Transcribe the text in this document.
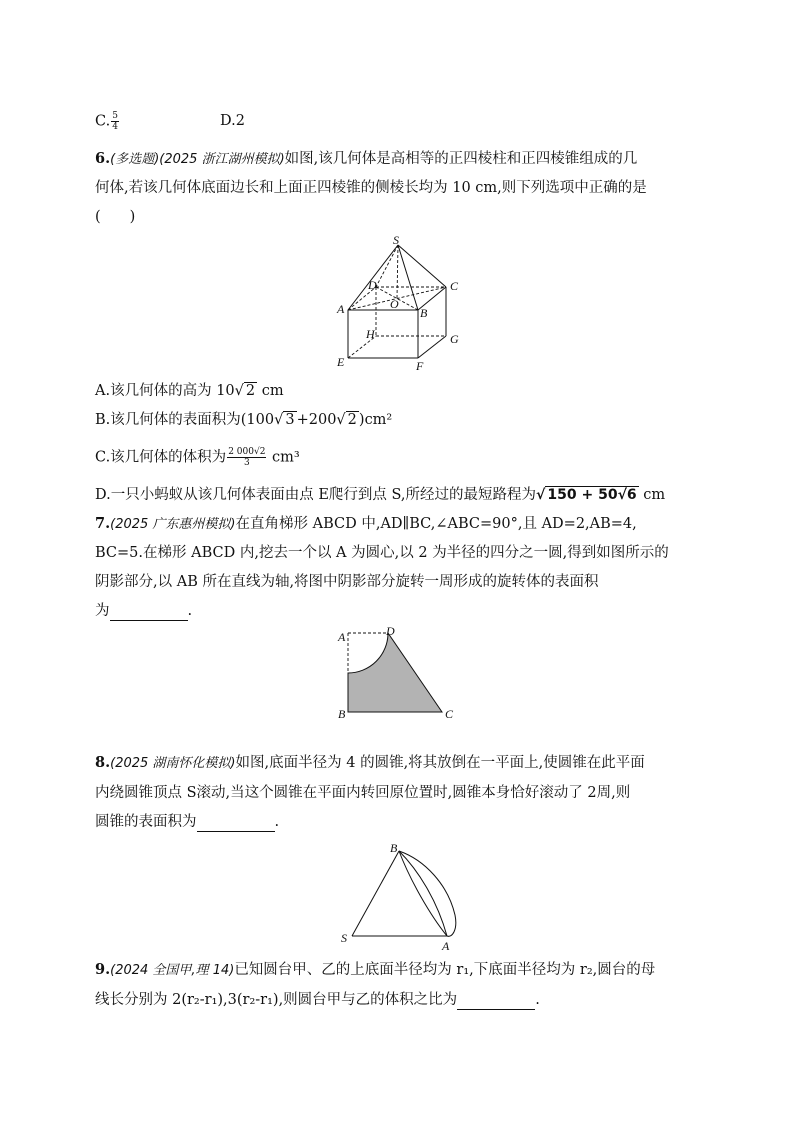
C. $\frac{5}{4}$	D.2
6.(多选题)(2025 浙江湖州模拟)如图,该几何体是高相等的正四棱柱和正四棱锥组成的几
何体,若该几何体底面边长和上面正四棱锥的侧棱长均为 10 cm,则下列选项中正确的是
(　　)
S
D	C
A	O
B
H	G
E	F
A.该几何体的高为 10√ 2 cm
B.该几何体的表面积为(100√ 3 +200√ 2 )cm²
C.该几何体的体积为 $\frac{2 000√2}{3} cm^3$
D.一只小蚂蚁从该几何体表面由点 E爬行到点 S,所经过的最短路程为√ 150 + 50√6 cm
7.(2025 广东惠州模拟)在直角梯形 ABCD 中,AD∥BC,∠ABC=90°,且 AD=2,AB=4,
BC=5.在梯形 ABCD 内,挖去一个以 A 为圆心,以 2 为半径的四分之一圆,得到如图所示的
阴影部分,以 AB 所在直线为轴,将图中阴影部分旋转一周形成的旋转体的表面积
为	.
A	D
B	C
8.(2025 湖南怀化模拟)如图,底面半径为 4 的圆锥,将其放倒在一平面上,使圆锥在此平面
内绕圆锥顶点 S滚动,当这个圆锥在平面内转回原位置时,圆锥本身恰好滚动了 2周,则
圆锥的表面积为	.
B
S
A
9.(2024 全国甲,理 14)已知圆台甲、乙的上底面半径均为 r₁,下底面半径均为 r₂,圆台的母
线长分别为 2(r₂-r₁),3(r₂-r₁),则圆台甲与乙的体积之比为	.
